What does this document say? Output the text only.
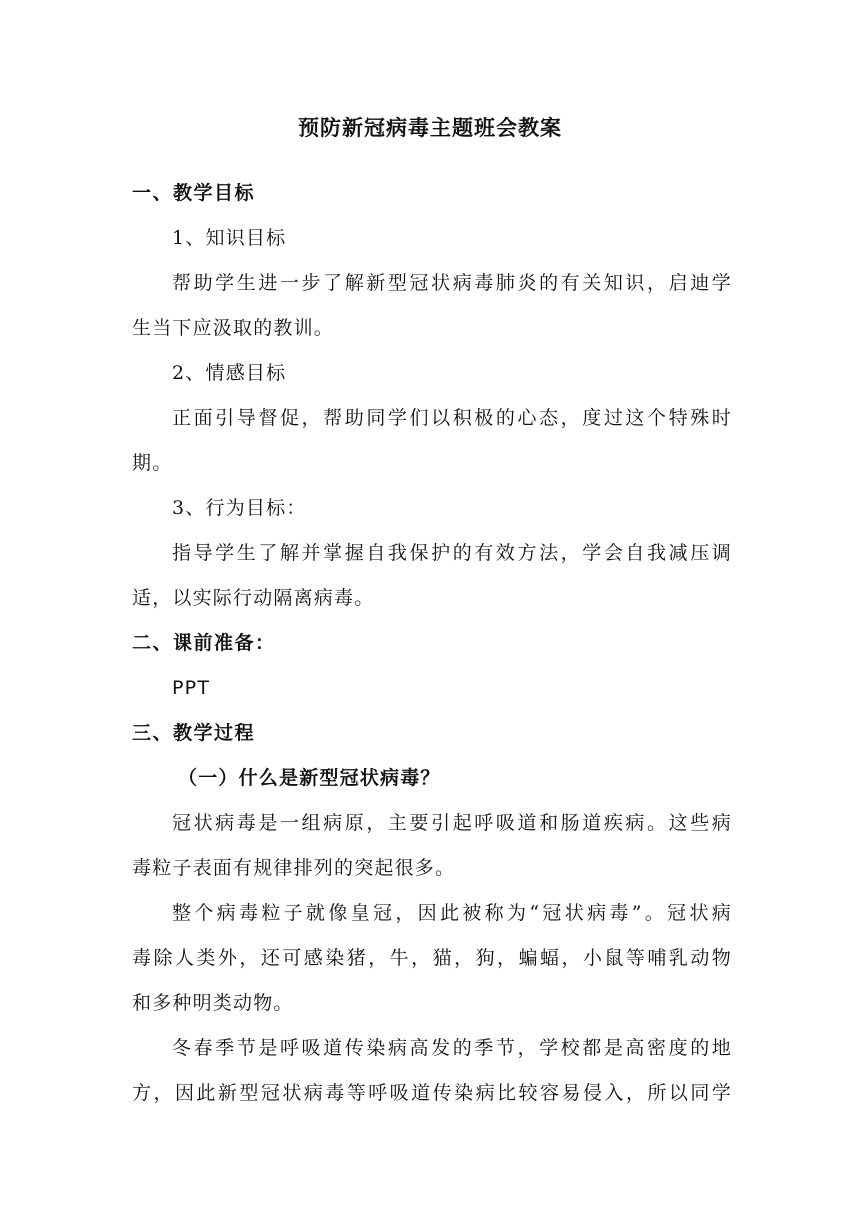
预防新冠病毒主题班会教案
一、教学目标
1、知识目标
帮助学生进一步了解新型冠状病毒肺炎的有关知识，启迪学
生当下应汲取的教训。
2、情感目标
正面引导督促，帮助同学们以积极的心态，度过这个特殊时
期。
3、行为目标：
指导学生了解并掌握自我保护的有效方法，学会自我减压调
适，以实际行动隔离病毒。
二、课前准备：
PPT
三、教学过程
（一）什么是新型冠状病毒？
冠状病毒是一组病原，主要引起呼吸道和肠道疾病。这些病
毒粒子表面有规律排列的突起很多。
整个病毒粒子就像皇冠，因此被称为“冠状病毒”。冠状病
毒除人类外，还可感染猪，牛，猫，狗，蝙蝠，小鼠等哺乳动物
和多种明类动物。
冬春季节是呼吸道传染病高发的季节，学校都是高密度的地
方，因此新型冠状病毒等呼吸道传染病比较容易侵入，所以同学
